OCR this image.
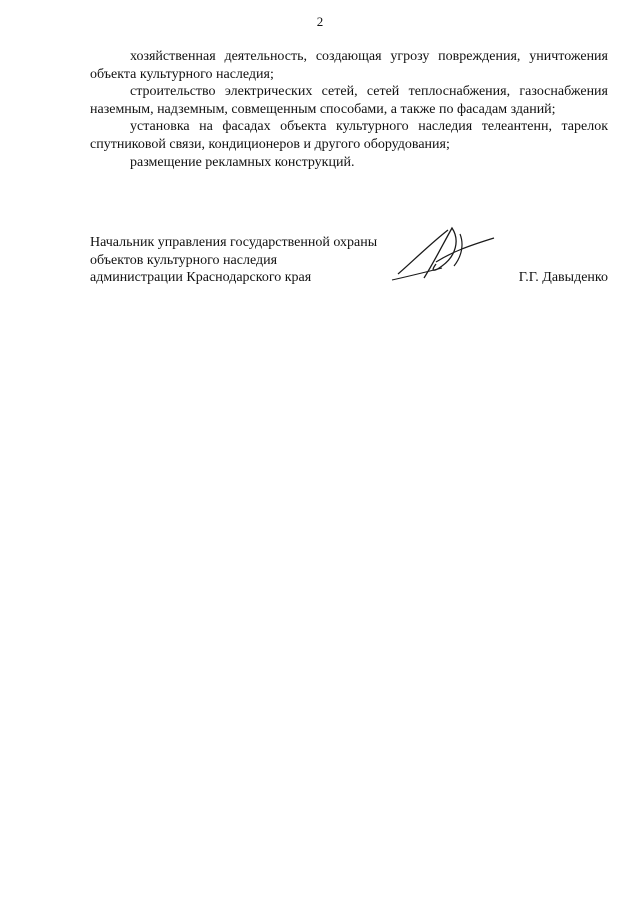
2

хозяйственная деятельность, создающая угрозу повреждения, уничтожения объекта культурного наследия;

строительство электрических сетей, сетей теплоснабжения, газоснабжения наземным, надземным, совмещенным способами, а также по фасадам зданий;

установка на фасадах объекта культурного наследия телеантенн, тарелок спутниковой связи, кондиционеров и другого оборудования;

размещение рекламных конструкций.

Начальник управления государственной охраны
объектов культурного наследия
администрации Краснодарского края	Г.Г. Давыденко
